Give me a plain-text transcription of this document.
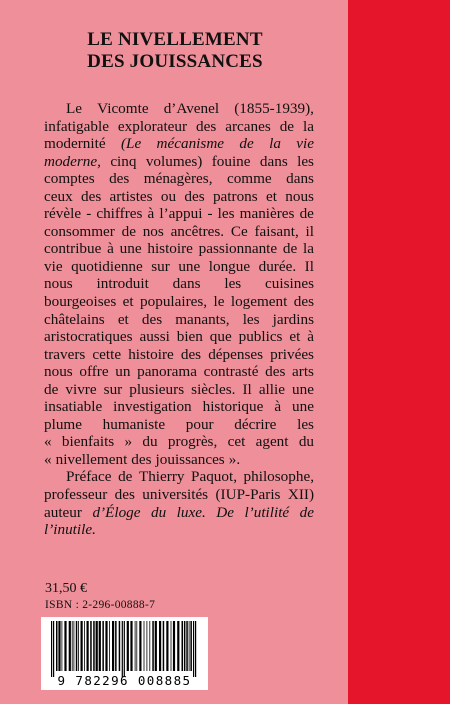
LE NIVELLEMENT
DES JOUISSANCES
Le Vicomte d’Avenel (1855-1939),
infatigable explorateur des arcanes de la
modernité (Le mécanisme de la vie
moderne, cinq volumes) fouine dans les
comptes des ménagères, comme dans
ceux des artistes ou des patrons et nous
révèle - chiffres à l’appui - les manières de
consommer de nos ancêtres. Ce faisant, il
contribue à une histoire passionnante de la
vie quotidienne sur une longue durée. Il
nous introduit dans les cuisines
bourgeoises et populaires, le logement des
châtelains et des manants, les jardins
aristocratiques aussi bien que publics et à
travers cette histoire des dépenses privées
nous offre un panorama contrasté des arts
de vivre sur plusieurs siècles. Il allie une
insatiable investigation historique à une
plume humaniste pour décrire les
« bienfaits » du progrès, cet agent du
« nivellement des jouissances ».
Préface de Thierry Paquot, philosophe,
professeur des universités (IUP-Paris XII)
auteur d’Éloge du luxe. De l’utilité de
l’inutile.
31,50 €
ISBN : 2-296-00888-7
9 782296 008885
